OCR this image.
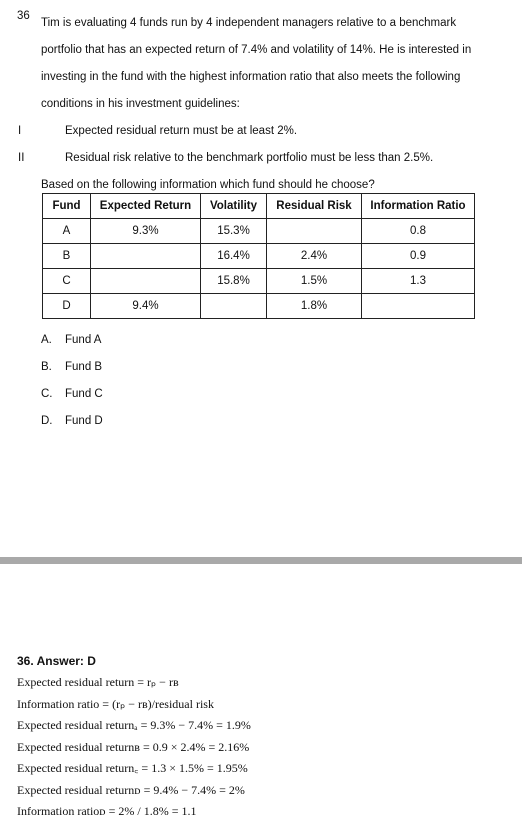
36
Tim is evaluating 4 funds run by 4 independent managers relative to a benchmark
portfolio that has an expected return of 7.4% and volatility of 14%. He is interested in
investing in the fund with the highest information ratio that also meets the following
conditions in his investment guidelines:
I	Expected residual return must be at least 2%.
II	Residual risk relative to the benchmark portfolio must be less than 2.5%.
Based on the following information which fund should he choose?
Fund	Expected Return	Volatility	Residual Risk	Information Ratio
A	9.3%	15.3%		0.8
B		16.4%	2.4%	0.9
C		15.8%	1.5%	1.3
D	9.4%		1.8%	
A. Fund A
B. Fund B
C. Fund C
D. Fund D
36. Answer: D
Expected residual return = rₚ − rʙ
Information ratio = (rₚ − rʙ)/residual risk
Expected residual returnₐ = 9.3% − 7.4% = 1.9%
Expected residual returnʙ = 0.9 × 2.4% = 2.16%
Expected residual return꜀ = 1.3 × 1.5% = 1.95%
Expected residual returnᴅ = 9.4% − 7.4% = 2%
Information ratioᴅ = 2% / 1.8% = 1.1
